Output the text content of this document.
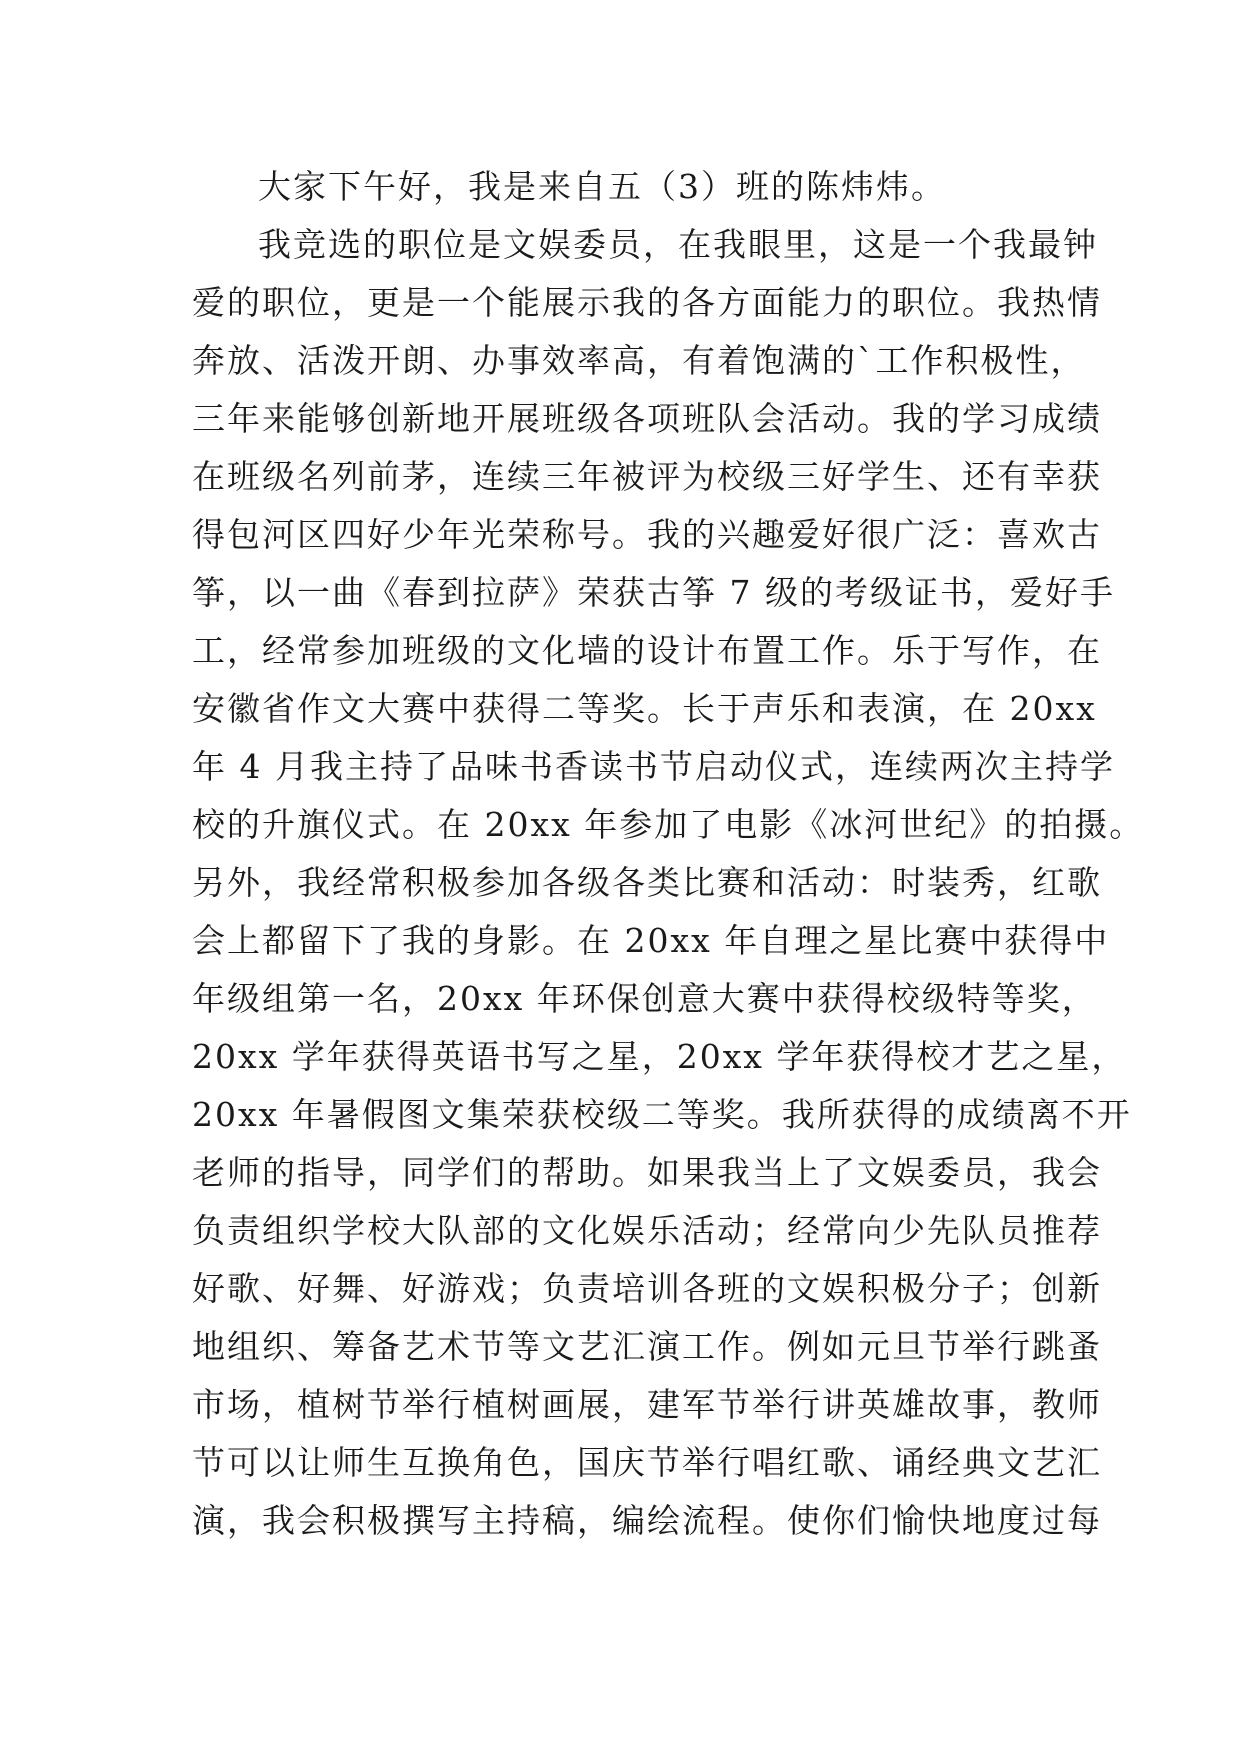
大家下午好，我是来自五（3）班的陈炜炜。
我竞选的职位是文娱委员，在我眼里，这是一个我最钟
爱的职位，更是一个能展示我的各方面能力的职位。我热情
奔放、活泼开朗、办事效率高，有着饱满的`工作积极性，
三年来能够创新地开展班级各项班队会活动。我的学习成绩
在班级名列前茅，连续三年被评为校级三好学生、还有幸获
得包河区四好少年光荣称号。我的兴趣爱好很广泛：喜欢古
筝，以一曲《春到拉萨》荣获古筝 7 级的考级证书，爱好手
工，经常参加班级的文化墙的设计布置工作。乐于写作，在
安徽省作文大赛中获得二等奖。长于声乐和表演，在 20xx
年 4 月我主持了品味书香读书节启动仪式，连续两次主持学
校的升旗仪式。在 20xx 年参加了电影《冰河世纪》的拍摄。
另外，我经常积极参加各级各类比赛和活动：时装秀，红歌
会上都留下了我的身影。在 20xx 年自理之星比赛中获得中
年级组第一名，20xx 年环保创意大赛中获得校级特等奖，
20xx 学年获得英语书写之星，20xx 学年获得校才艺之星，
20xx 年暑假图文集荣获校级二等奖。我所获得的成绩离不开
老师的指导，同学们的帮助。如果我当上了文娱委员，我会
负责组织学校大队部的文化娱乐活动；经常向少先队员推荐
好歌、好舞、好游戏；负责培训各班的文娱积极分子；创新
地组织、筹备艺术节等文艺汇演工作。例如元旦节举行跳蚤
市场，植树节举行植树画展，建军节举行讲英雄故事，教师
节可以让师生互换角色，国庆节举行唱红歌、诵经典文艺汇
演，我会积极撰写主持稿，编绘流程。使你们愉快地度过每
